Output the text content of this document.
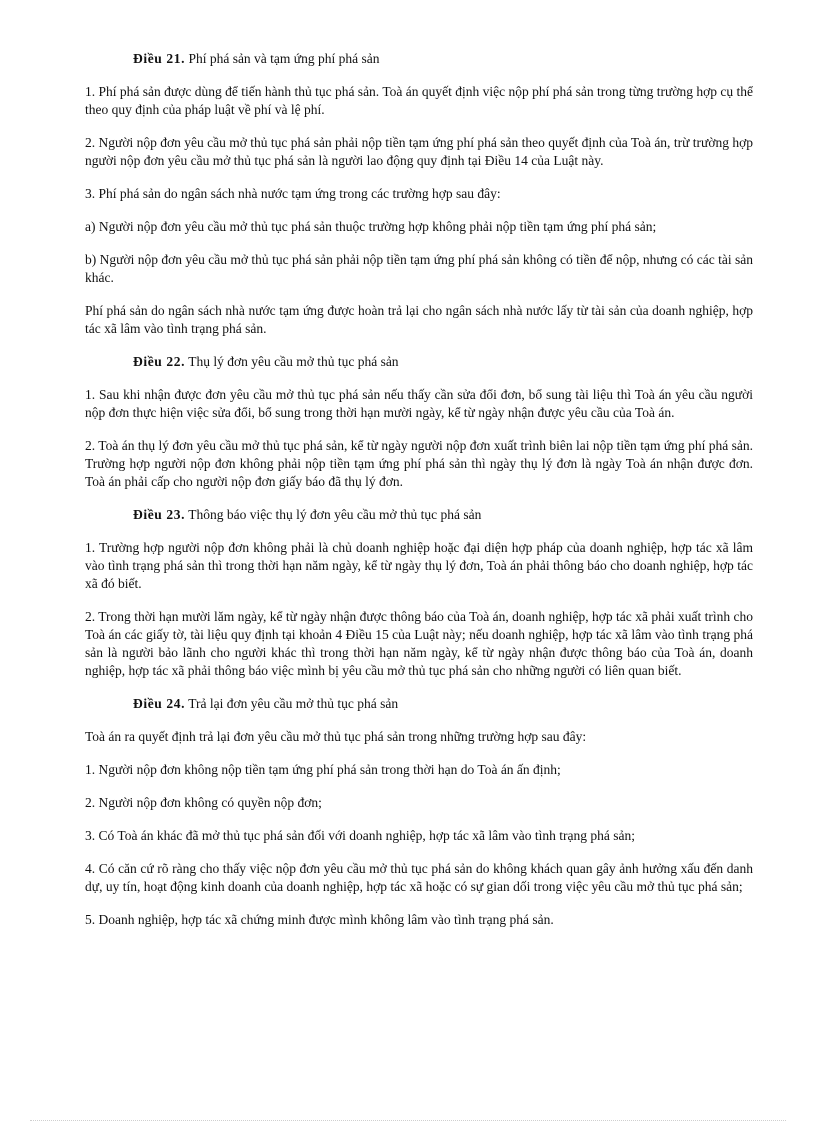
Điều 21. Phí phá sản và tạm ứng phí phá sản

1. Phí phá sản được dùng để tiến hành thủ tục phá sản. Toà án quyết định việc nộp phí phá sản trong từng trường hợp cụ thể theo quy định của pháp luật về phí và lệ phí.

2. Người nộp đơn yêu cầu mở thủ tục phá sản phải nộp tiền tạm ứng phí phá sản theo quyết định của Toà án, trừ trường hợp người nộp đơn yêu cầu mở thủ tục phá sản là người lao động quy định tại Điều 14 của Luật này.

3. Phí phá sản do ngân sách nhà nước tạm ứng trong các trường hợp sau đây:

a) Người nộp đơn yêu cầu mở thủ tục phá sản thuộc trường hợp không phải nộp tiền tạm ứng phí phá sản;

b) Người nộp đơn yêu cầu mở thủ tục phá sản phải nộp tiền tạm ứng phí phá sản không có tiền để nộp, nhưng có các tài sản khác.

Phí phá sản do ngân sách nhà nước tạm ứng được hoàn trả lại cho ngân sách nhà nước lấy từ tài sản của doanh nghiệp, hợp tác xã lâm vào tình trạng phá sản.

Điều 22. Thụ lý đơn yêu cầu mở thủ tục phá sản

1. Sau khi nhận được đơn yêu cầu mở thủ tục phá sản nếu thấy cần sửa đổi đơn, bổ sung tài liệu thì Toà án yêu cầu người nộp đơn thực hiện việc sửa đổi, bổ sung trong thời hạn mười ngày, kể từ ngày nhận được yêu cầu của Toà án.

2. Toà án thụ lý đơn yêu cầu mở thủ tục phá sản, kể từ ngày người nộp đơn xuất trình biên lai nộp tiền tạm ứng phí phá sản. Trường hợp người nộp đơn không phải nộp tiền tạm ứng phí phá sản thì ngày thụ lý đơn là ngày Toà án nhận được đơn. Toà án phải cấp cho người nộp đơn giấy báo đã thụ lý đơn.

Điều 23. Thông báo việc thụ lý đơn yêu cầu mở thủ tục phá sản

1. Trường hợp người nộp đơn không phải là chủ doanh nghiệp hoặc đại diện hợp pháp của doanh nghiệp, hợp tác xã lâm vào tình trạng phá sản thì trong thời hạn năm ngày, kể từ ngày thụ lý đơn, Toà án phải thông báo cho doanh nghiệp, hợp tác xã đó biết.

2. Trong thời hạn mười lăm ngày, kể từ ngày nhận được thông báo của Toà án, doanh nghiệp, hợp tác xã phải xuất trình cho Toà án các giấy tờ, tài liệu quy định tại khoản 4 Điều 15 của Luật này; nếu doanh nghiệp, hợp tác xã lâm vào tình trạng phá sản là người bảo lãnh cho người khác thì trong thời hạn năm ngày, kể từ ngày nhận được thông báo của Toà án, doanh nghiệp, hợp tác xã phải thông báo việc mình bị yêu cầu mở thủ tục phá sản cho những người có liên quan biết.

Điều 24. Trả lại đơn yêu cầu mở thủ tục phá sản

Toà án ra quyết định trả lại đơn yêu cầu mở thủ tục phá sản trong những trường hợp sau đây:

1. Người nộp đơn không nộp tiền tạm ứng phí phá sản trong thời hạn do Toà án ấn định;

2. Người nộp đơn không có quyền nộp đơn;

3. Có Toà án khác đã mở thủ tục phá sản đối với doanh nghiệp, hợp tác xã lâm vào tình trạng phá sản;

4. Có căn cứ rõ ràng cho thấy việc nộp đơn yêu cầu mở thủ tục phá sản do không khách quan gây ảnh hưởng xấu đến danh dự, uy tín, hoạt động kinh doanh của doanh nghiệp, hợp tác xã hoặc có sự gian dối trong việc yêu cầu mở thủ tục phá sản;

5. Doanh nghiệp, hợp tác xã chứng minh được mình không lâm vào tình trạng phá sản.
